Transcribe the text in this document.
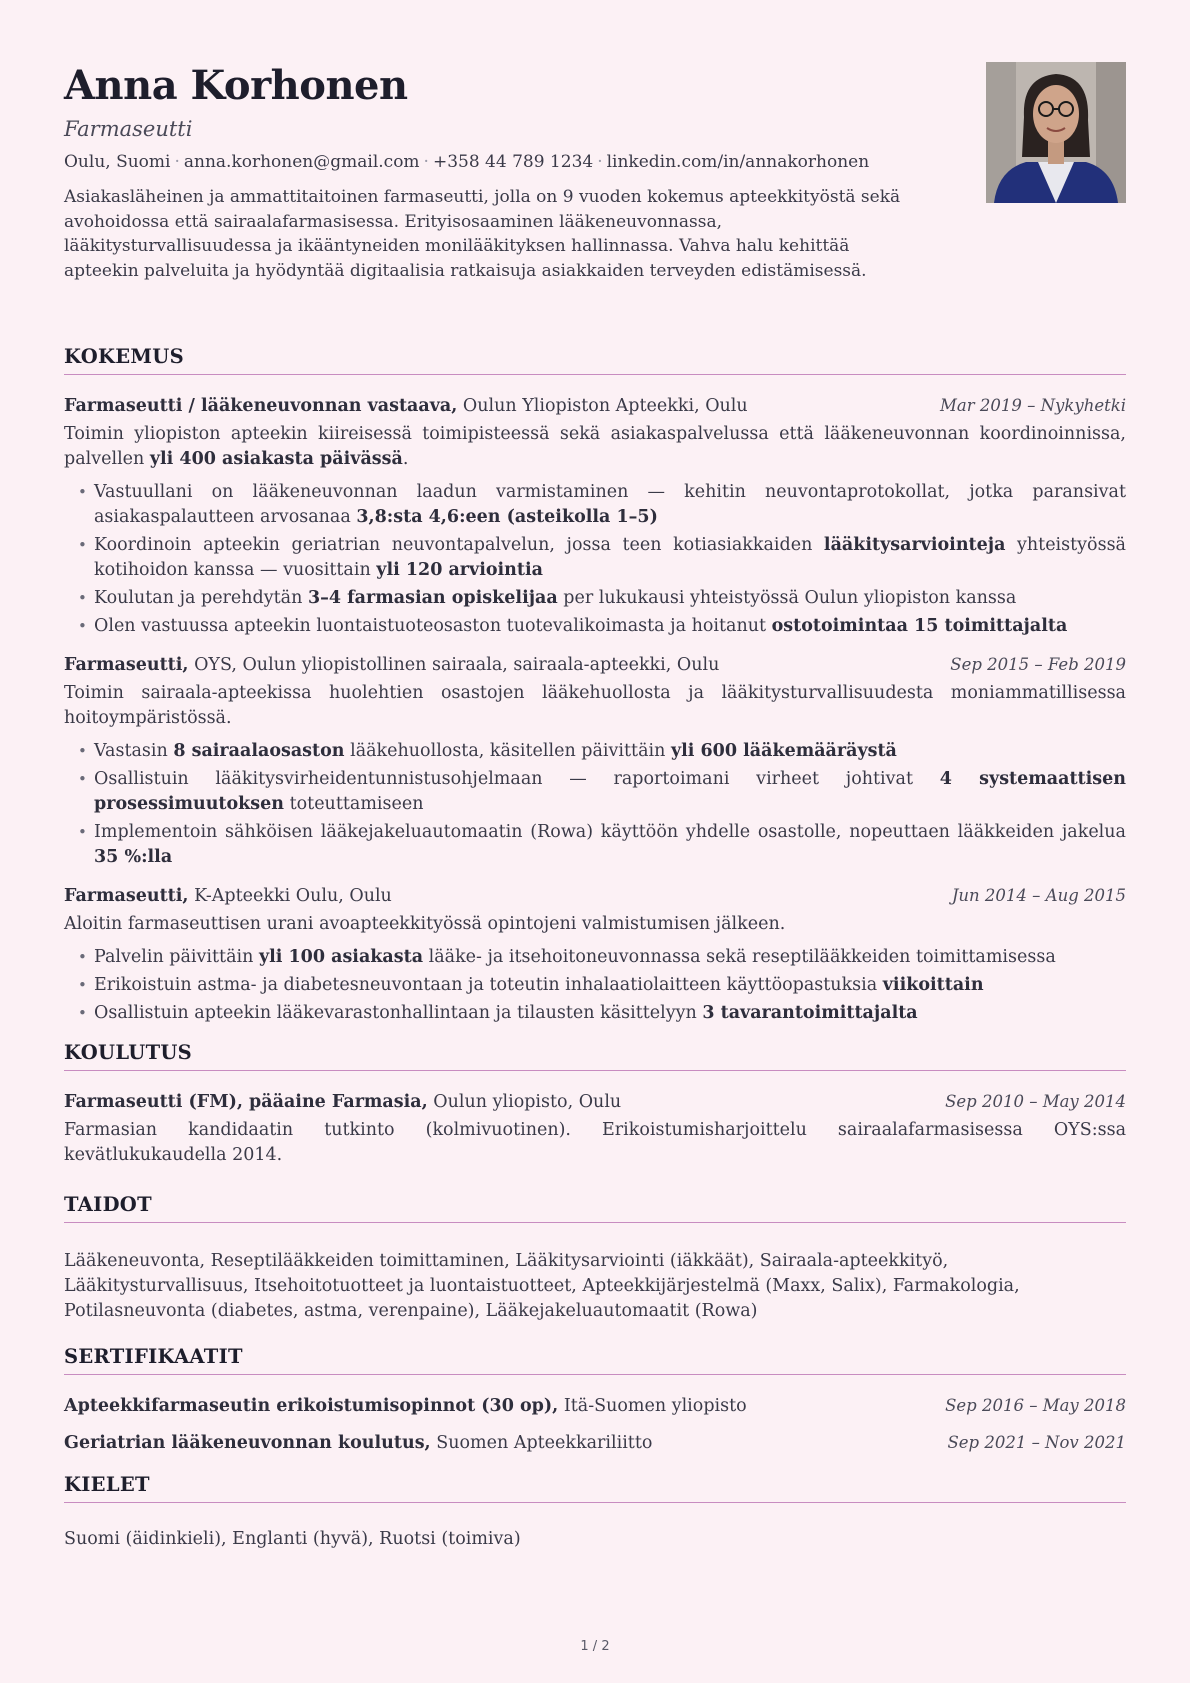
Anna Korhonen
Farmaseutti
Oulu, Suomi · anna.korhonen@gmail.com · +358 44 789 1234 · linkedin.com/in/annakorhonen
Asiakasläheinen ja ammattitaitoinen farmaseutti, jolla on 9 vuoden kokemus apteekkityöstä sekä avohoidossa että sairaalafarmasisessa. Erityisosaaminen lääkeneuvonnassa, lääkitysturvallisuudessa ja ikääntyneiden monilääkityksen hallinnassa. Vahva halu kehittää apteekin palveluita ja hyödyntää digitaalisia ratkaisuja asiakkaiden terveyden edistämisessä.
KOKEMUS
Farmaseutti / lääkeneuvonnan vastaava, Oulun Yliopiston Apteekki, Oulu	Mar 2019 – Nykyhetki
Toimin yliopiston apteekin kiireisessä toimipisteessä sekä asiakaspalvelussa että lääkeneuvonnan koordinoinnissa, palvellen yli 400 asiakasta päivässä.
• Vastuullani on lääkeneuvonnan laadun varmistaminen — kehitin neuvontaprotokollat, jotka paransivat asiakaspalautteen arvosanaa 3,8:sta 4,6:een (asteikolla 1–5)
• Koordinoin apteekin geriatrian neuvontapalvelun, jossa teen kotiasiakkaiden lääkitysarviointeja yhteistyössä kotihoidon kanssa — vuosittain yli 120 arviointia
• Koulutan ja perehdytän 3–4 farmasian opiskelijaa per lukukausi yhteistyössä Oulun yliopiston kanssa
• Olen vastuussa apteekin luontaistuoteosaston tuotevalikoimasta ja hoitanut ostotoimintaa 15 toimittajalta
Farmaseutti, OYS, Oulun yliopistollinen sairaala, sairaala-apteekki, Oulu	Sep 2015 – Feb 2019
Toimin sairaala-apteekissa huolehtien osastojen lääkehuollosta ja lääkitysturvallisuudesta moniammatillisessa hoitoympäristössä.
• Vastasin 8 sairaalaosaston lääkehuollosta, käsitellen päivittäin yli 600 lääkemääräystä
• Osallistuin lääkitysvirheidentunnistusohjelmaan — raportoimani virheet johtivat 4 systemaattisen prosessimuutoksen toteuttamiseen
• Implementoin sähköisen lääkejakeluautomaatin (Rowa) käyttöön yhdelle osastolle, nopeuttaen lääkkeiden jakelua 35 %:lla
Farmaseutti, K-Apteekki Oulu, Oulu	Jun 2014 – Aug 2015
Aloitin farmaseuttisen urani avoapteekkityössä opintojeni valmistumisen jälkeen.
• Palvelin päivittäin yli 100 asiakasta lääke- ja itsehoitoneuvonnassa sekä reseptilääkkeiden toimittamisessa
• Erikoistuin astma- ja diabetesneuvontaan ja toteutin inhalaatiolaitteen käyttöopastuksia viikoittain
• Osallistuin apteekin lääkevarastonhallintaan ja tilausten käsittelyyn 3 tavarantoimittajalta
KOULUTUS
Farmaseutti (FM), pääaine Farmasia, Oulun yliopisto, Oulu	Sep 2010 – May 2014
Farmasian kandidaatin tutkinto (kolmivuotinen). Erikoistumisharjoittelu sairaalafarmasisessa OYS:ssa kevätlukukaudella 2014.
TAIDOT
Lääkeneuvonta, Reseptilääkkeiden toimittaminen, Lääkitysarviointi (iäkkäät), Sairaala-apteekkityö, Lääkitysturvallisuus, Itsehoitotuotteet ja luontaistuotteet, Apteekkijärjestelmä (Maxx, Salix), Farmakologia, Potilasneuvonta (diabetes, astma, verenpaine), Lääkejakeluautomaatit (Rowa)
SERTIFIKAATIT
Apteekkifarmaseutin erikoistumisopinnot (30 op), Itä-Suomen yliopisto	Sep 2016 – May 2018
Geriatrian lääkeneuvonnan koulutus, Suomen Apteekkariliitto	Sep 2021 – Nov 2021
KIELET
Suomi (äidinkieli), Englanti (hyvä), Ruotsi (toimiva)
1 / 2
